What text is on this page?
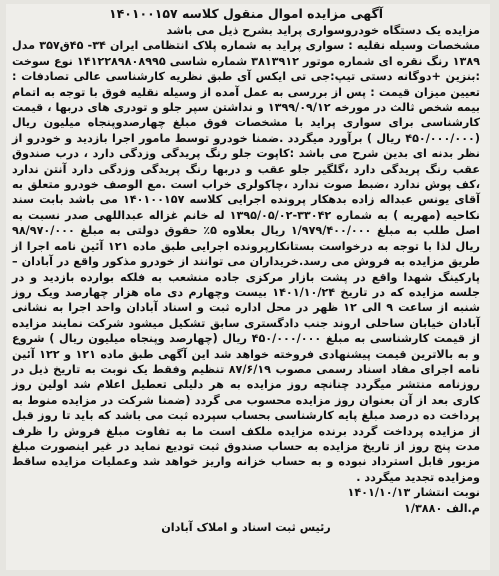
آگهی مزایده اموال منقول کلاسه ۱۴۰۱۰۰۱۵۷

مزایده یک دستگاه خودروسواری پراید بشرح ذیل می باشد
مشخصات وسیله نقلیه : سواری پراید به شماره پلاک انتظامی ایران ۳۴- ۴۵ق۳۵۷ مدل ۱۳۸۹ رنگ نقره ای شماره موتور ۳۸۱۳۹۱۲ شماره شاسی ۱۴۱۲۲۸۹۸۰۸۹۹۵ نوع سوخت :بنزین +دوگانه دستی تیپ:جی تی ایکس آی طبق نظریه کارشناسی عالی تصادفات : تعیین میزان قیمت : پس از بررسی به عمل آمده از وسیله نقلیه فوق با توجه به اتمام بیمه شخص ثالث در مورخه ۱۳۹۹/۰۹/۱۲ و نداشتن سپر جلو و تودری های دربها ، قیمت کارشناسی برای سواری پراید با مشخصات فوق مبلغ چهارصدوپنجاه میلیون ریال (۴۵۰/۰۰۰/۰۰۰ ریال ) برآورد میگردد .ضمنا خودرو توسط مامور اجرا بازدید و خودرو از نظر بدنه ای بدین شرح می باشد :کاپوت جلو رنگ پریدگی وزدگی دارد ، درب صندوق عقب رنگ پریدگی دارد ،گلگیر جلو عقب و دربها رنگ پریدگی وزدگی دارد آنتن ندارد ،کف پوش ندارد ،ضبط صوت ندارد ،چاکولری خراب است .مع الوصف خودرو متعلق به آقای یونس عبداله زاده بدهکار پرونده اجرایی کلاسه ۱۴۰۱۰۰۱۵۷ می باشد بابت سند نکاحیه (مهریه ) به شماره ۳۳۰۴۲-۱۳۹۵/۰۵/۰۲ له خانم غزاله عبداللهی صدر نسبت به اصل طلب به مبلغ ۱/۹۷۹/۴۰۰/۰۰۰ ریال بعلاوه ۵٪ حقوق دولتی به مبلغ ۹۸/۹۷۰/۰۰۰ ریال لذا با توجه به درخواست بستانکارپرونده اجرایی طبق ماده ۱۲۱ آئین نامه اجرا از طریق مزایده به فروش می رسد.خریداران می توانند از خودرو مذکور واقع در آبادان – پارکینگ شهدا واقع در پشت بازار مرکزی جاده منشعب به فلکه بوارده بازدید و در جلسه مزایده که در تاریخ ۱۴۰۱/۱۰/۲۴ بیست وچهارم دی ماه هزار چهارصد ویک روز شنبه از ساعت ۹ الی ۱۲ ظهر در محل اداره ثبت و اسناد آبادان واحد اجرا به نشانی آبادان خیابان ساحلی اروند جنب دادگستری سابق تشکیل میشود شرکت نمایند مزایده از قیمت کارشناسی به مبلغ ۴۵۰/۰۰۰/۰۰۰ ریال (چهارصد وپنجاه میلیون ریال ) شروع و به بالاترین قیمت پیشنهادی فروخته خواهد شد این آگهی طبق ماده ۱۲۱ و ۱۲۲ آئین نامه اجرای مفاد اسناد رسمی مصوب ۸۷/۶/۱۹ تنظیم وفقط یک نوبت به تاریخ ذیل در روزنامه منتشر میگردد چنانچه روز مزایده به هر دلیلی تعطیل اعلام شد اولین روز کاری بعد از آن بعنوان روز مزایده محسوب می گردد (ضمنا شرکت در مزایده منوط به پرداخت ده درصد مبلغ پایه کارشناسی بحساب سپرده ثبت می باشد که باید تا روز قبل از مزایده پرداخت گردد برنده مزایده ملکف است ما به تفاوت مبلغ فروش را ظرف مدت پنج روز از تاریخ مزایده به حساب صندوق ثبت تودیع نماید در غیر اینصورت مبلغ مزبور قابل استرداد نبوده و به حساب خزانه واریز خواهد شد وعملیات مزایده ساقط ومزایده تجدید میگردد .

نوبت انتشار ۱۴۰۱/۱۰/۱۳
م.الف ۱/۳۸۸۰
رئیس ثبت اسناد و املاک آبادان
